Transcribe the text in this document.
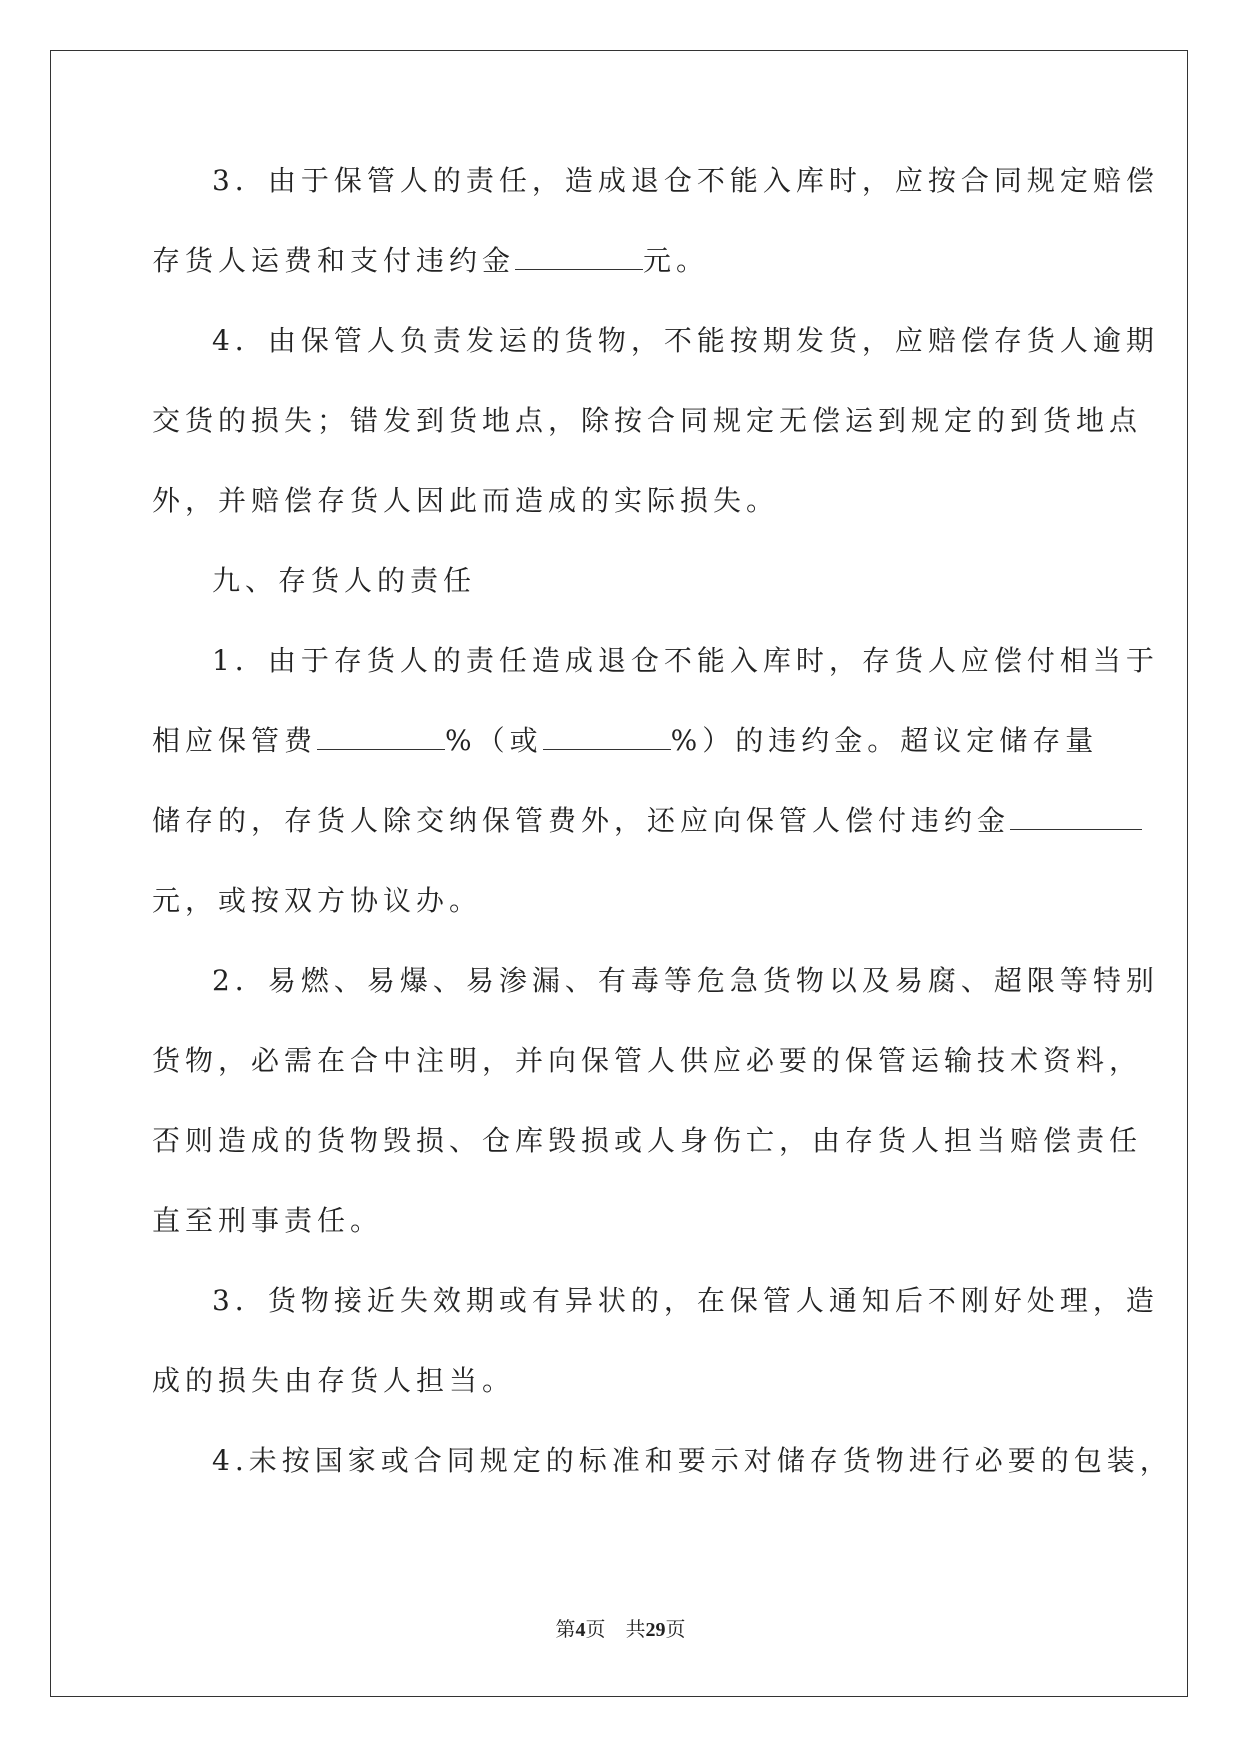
3．由于保管人的责任，造成退仓不能入库时，应按合同规定赔偿
存货人运费和支付违约金	元。
4．由保管人负责发运的货物，不能按期发货，应赔偿存货人逾期
交货的损失；错发到货地点，除按合同规定无偿运到规定的到货地点
外，并赔偿存货人因此而造成的实际损失。
九、存货人的责任
1．由于存货人的责任造成退仓不能入库时，存货人应偿付相当于
相应保管费	%（或	%）的违约金。超议定储存量
储存的，存货人除交纳保管费外，还应向保管人偿付违约金
元，或按双方协议办。
2．易燃、易爆、易渗漏、有毒等危急货物以及易腐、超限等特别
货物，必需在合中注明，并向保管人供应必要的保管运输技术资料，
否则造成的货物毁损、仓库毁损或人身伤亡，由存货人担当赔偿责任
直至刑事责任。
3．货物接近失效期或有异状的，在保管人通知后不刚好处理，造
成的损失由存货人担当。
4.未按国家或合同规定的标准和要示对储存货物进行必要的包装，
第4页 共29页
